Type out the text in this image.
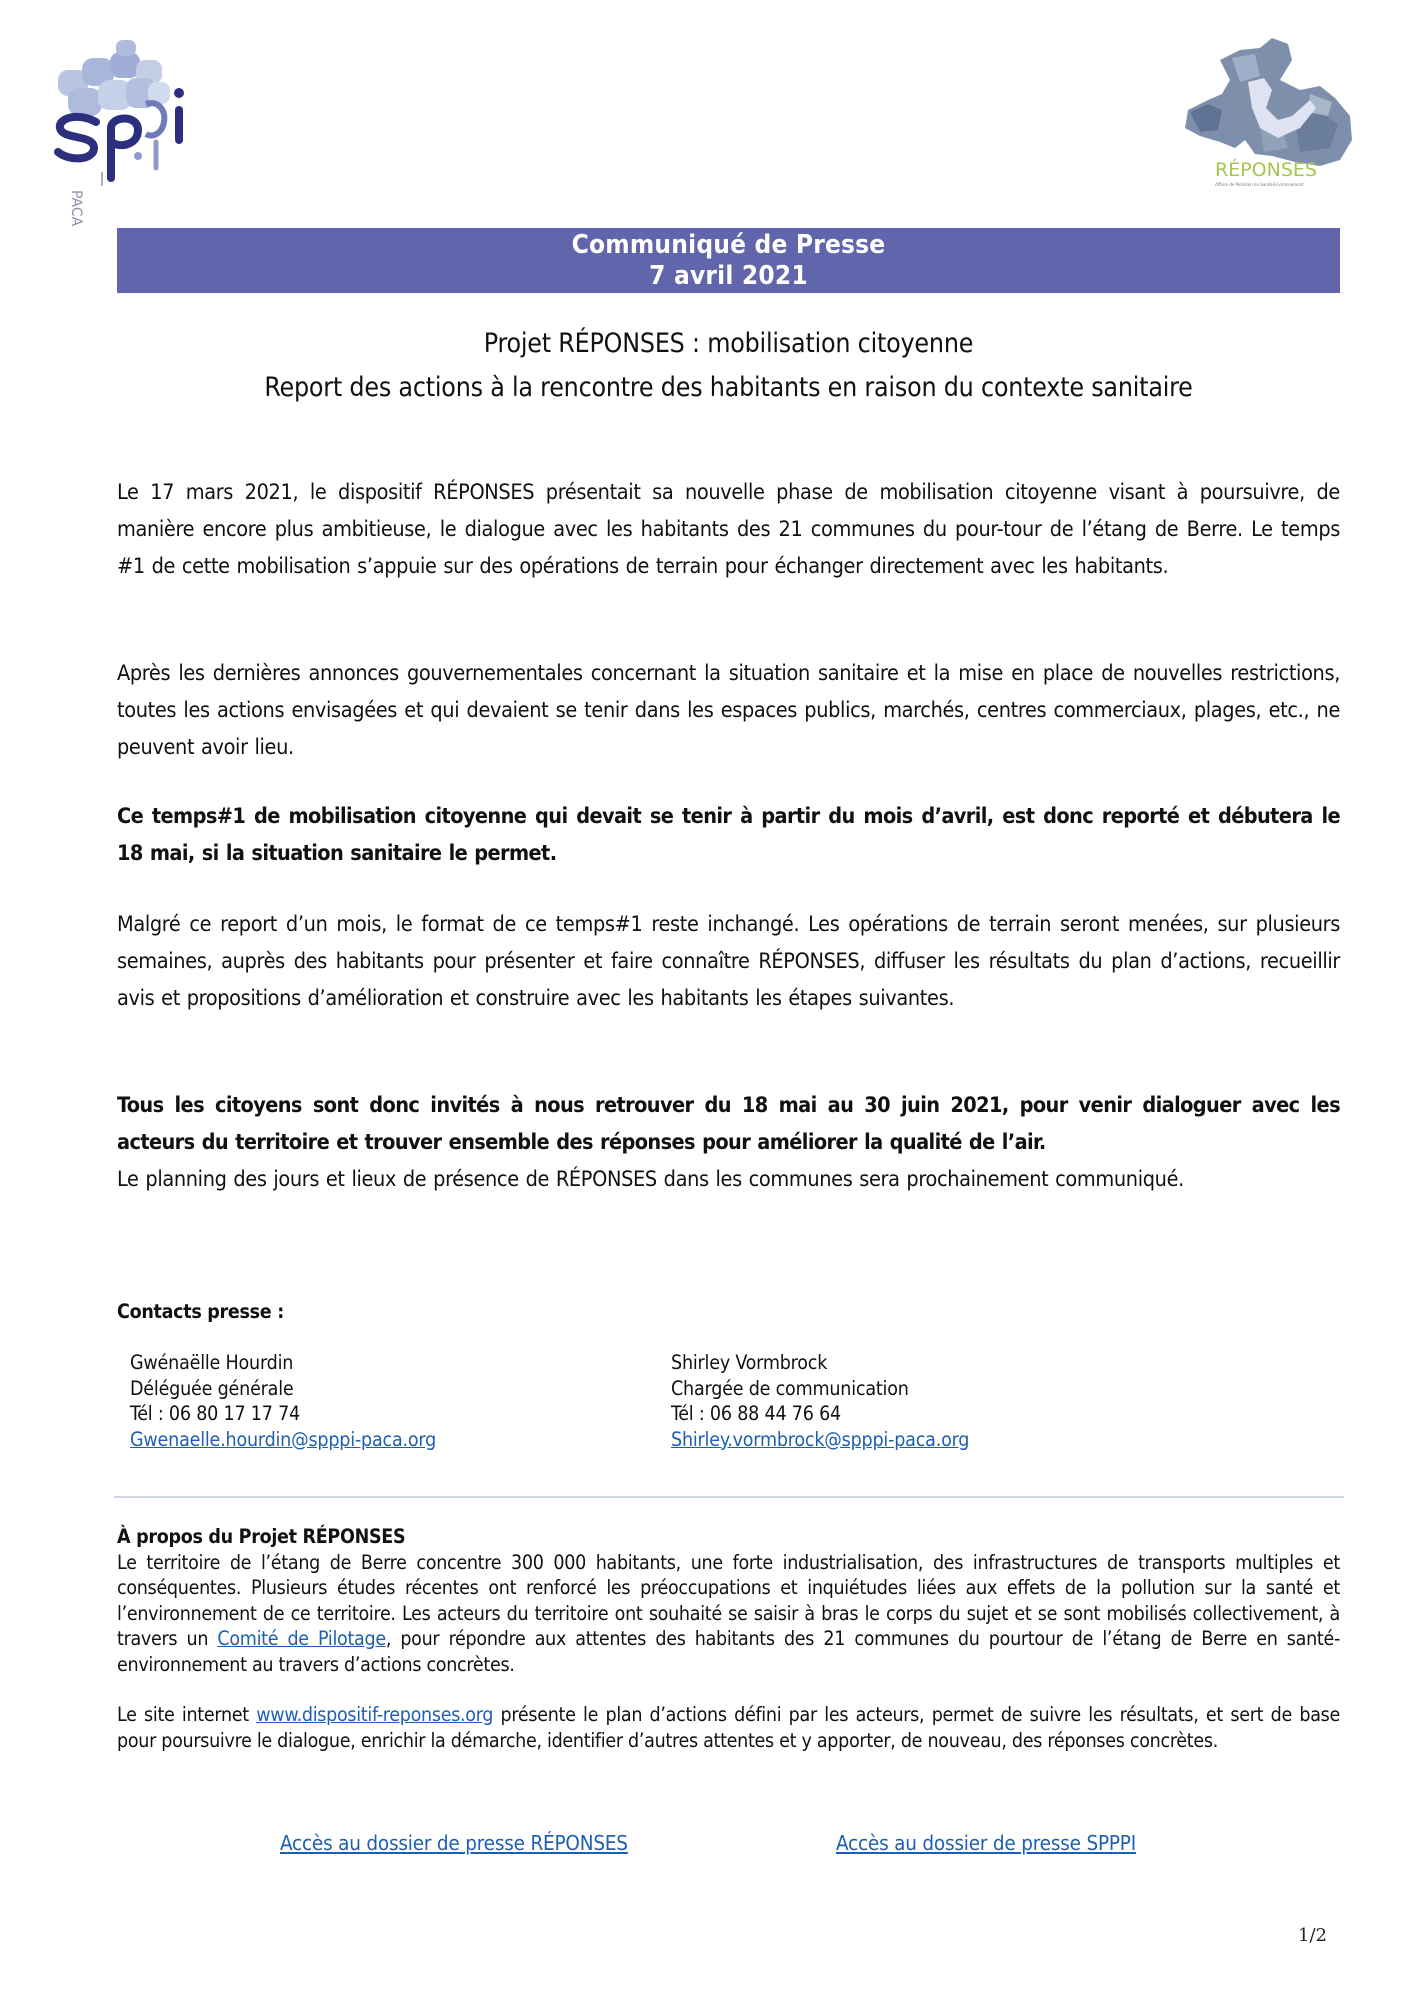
PACA
RÉPONSES
Affaire de Pollution en Santé-Environnement
Communiqué de Presse
7 avril 2021
Projet RÉPONSES : mobilisation citoyenne
Report des actions à la rencontre des habitants en raison du contexte sanitaire
Le 17 mars 2021, le dispositif RÉPONSES présentait sa nouvelle phase de mobilisation citoyenne visant à poursuivre, de manière encore plus ambitieuse, le dialogue avec les habitants des 21 communes du pour-tour de l’étang de Berre. Le temps #1 de cette mobilisation s’appuie sur des opérations de terrain pour échanger directement avec les habitants.
Après les dernières annonces gouvernementales concernant la situation sanitaire et la mise en place de nouvelles restrictions, toutes les actions envisagées et qui devaient se tenir dans les espaces publics, marchés, centres commerciaux, plages, etc., ne peuvent avoir lieu.
Ce temps#1 de mobilisation citoyenne qui devait se tenir à partir du mois d’avril, est donc reporté et débutera le 18 mai, si la situation sanitaire le permet.
Malgré ce report d’un mois, le format de ce temps#1 reste inchangé. Les opérations de terrain seront menées, sur plusieurs semaines, auprès des habitants pour présenter et faire connaître RÉPONSES, diffuser les résultats du plan d’actions, recueillir avis et propositions d’amélioration et construire avec les habitants les étapes suivantes.
Tous les citoyens sont donc invités à nous retrouver du 18 mai au 30 juin 2021, pour venir dialoguer avec les acteurs du territoire et trouver ensemble des réponses pour améliorer la qualité de l’air.
Le planning des jours et lieux de présence de RÉPONSES dans les communes sera prochainement communiqué.
Contacts presse :
Gwénaëlle Hourdin
Déléguée générale
Tél : 06 80 17 17 74
Gwenaelle.hourdin@spppi-paca.org
Shirley Vormbrock
Chargée de communication
Tél : 06 88 44 76 64
Shirley.vormbrock@spppi-paca.org
À propos du Projet RÉPONSES
Le territoire de l’étang de Berre concentre 300 000 habitants, une forte industrialisation, des infrastructures de transports multiples et conséquentes. Plusieurs études récentes ont renforcé les préoccupations et inquiétudes liées aux effets de la pollution sur la santé et l’environnement de ce territoire. Les acteurs du territoire ont souhaité se saisir à bras le corps du sujet et se sont mobilisés collectivement, à travers un Comité de Pilotage, pour répondre aux attentes des habitants des 21 communes du pourtour de l’étang de Berre en santé-environnement au travers d’actions concrètes.
Le site internet www.dispositif-reponses.org présente le plan d’actions défini par les acteurs, permet de suivre les résultats, et sert de base pour poursuivre le dialogue, enrichir la démarche, identifier d’autres attentes et y apporter, de nouveau, des réponses concrètes.
Accès au dossier de presse RÉPONSES	Accès au dossier de presse SPPPI
1/2
